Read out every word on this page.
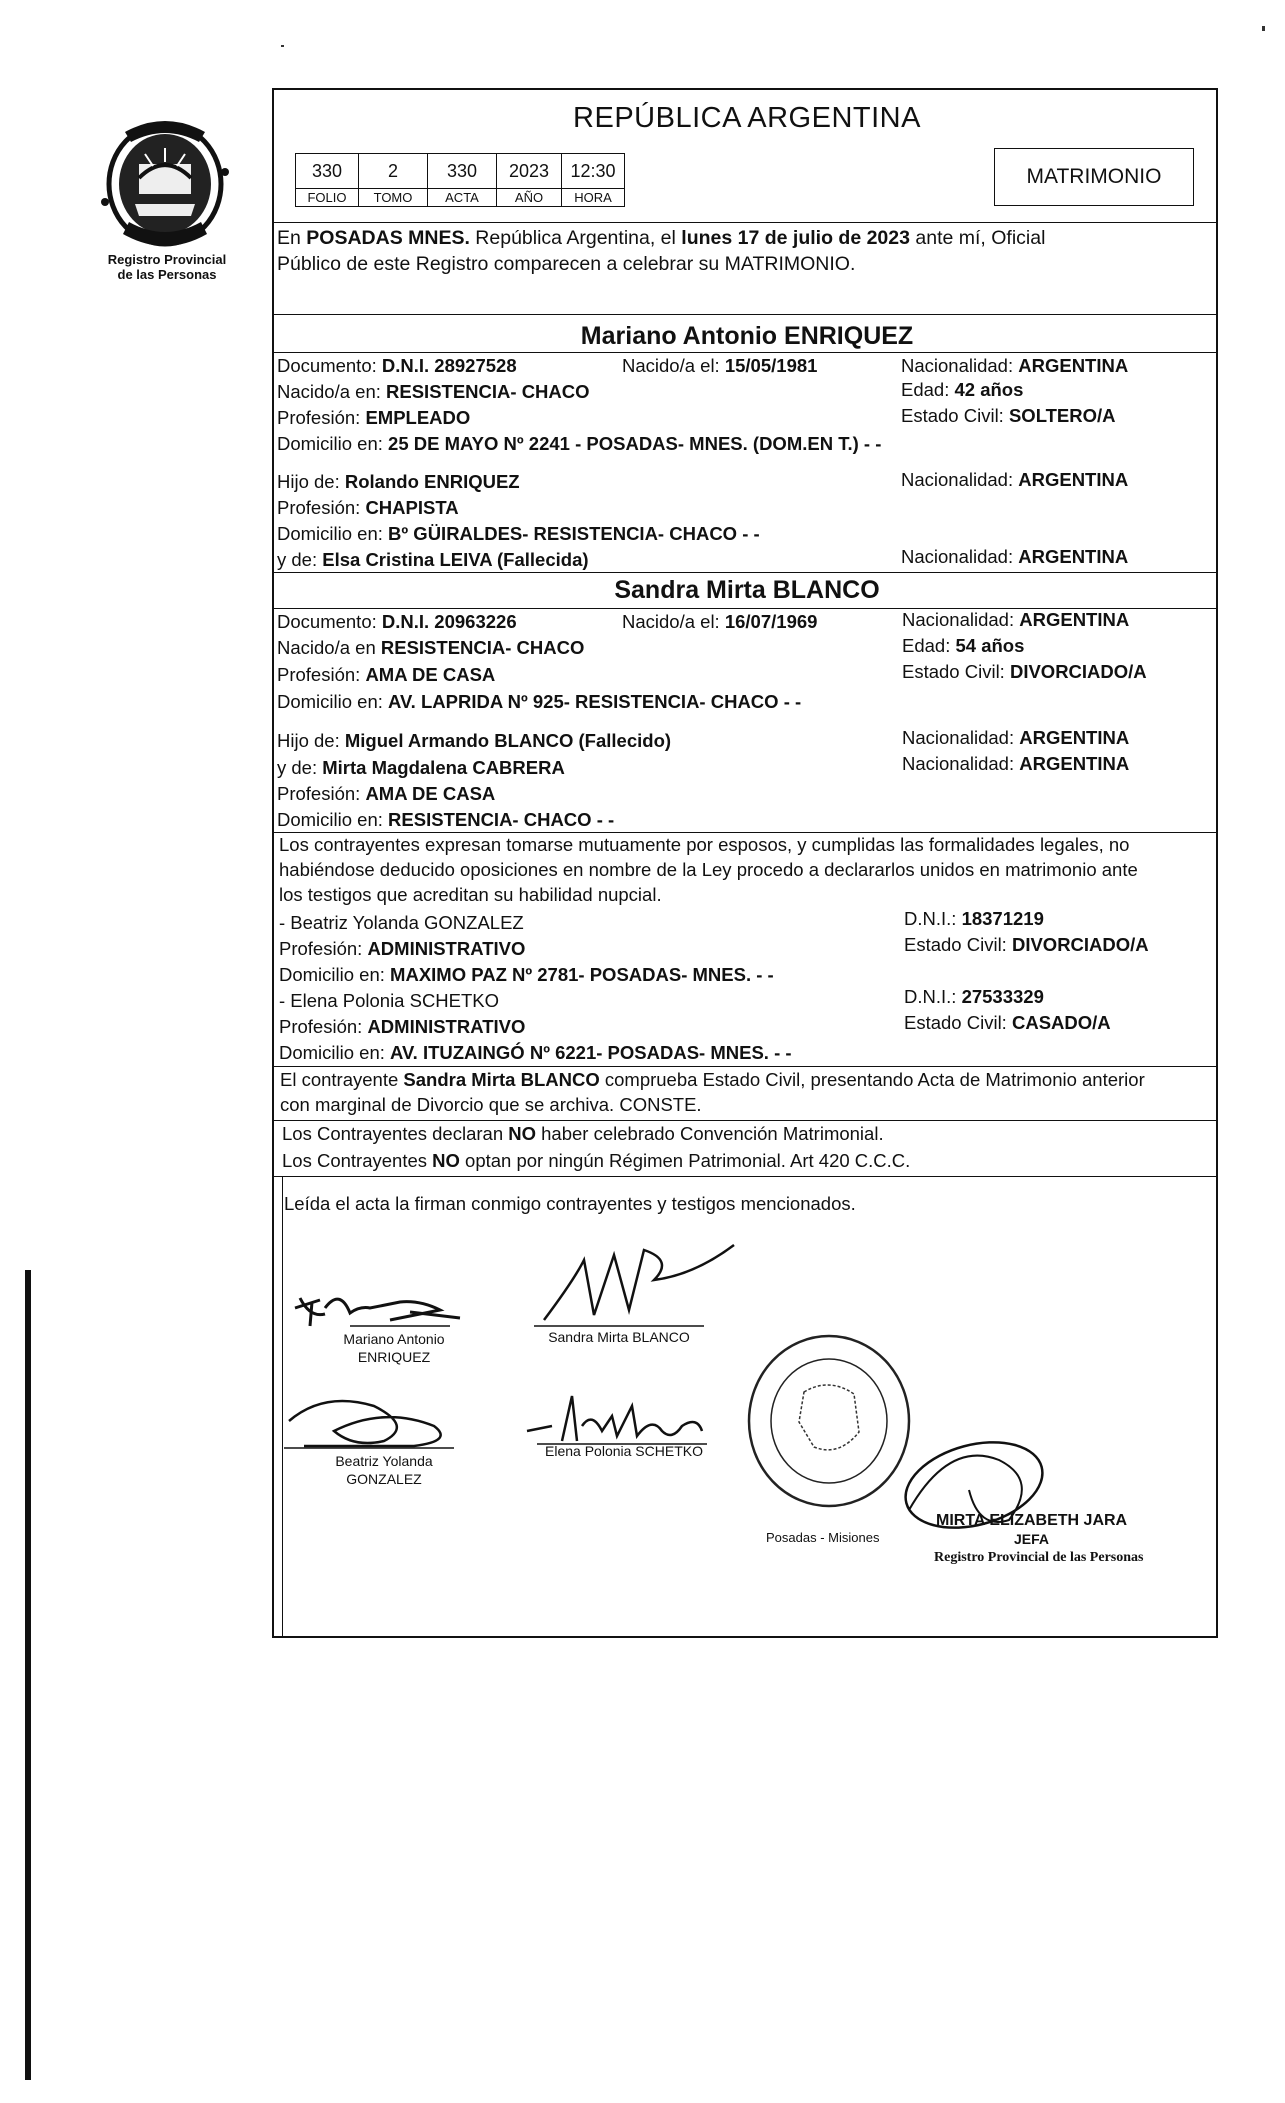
Registro Provincial
de las Personas
REPÚBLICA ARGENTINA
330	2	330	2023	12:30
FOLIO	TOMO	ACTA	AÑO	HORA
MATRIMONIO
En POSADAS MNES. República Argentina, el lunes 17 de julio de 2023 ante mí, Oficial
Público de este Registro comparecen a celebrar su MATRIMONIO.
Mariano Antonio ENRIQUEZ
Documento: D.N.I. 28927528	Nacido/a el: 15/05/1981	Nacionalidad: ARGENTINA
Nacido/a en: RESISTENCIA- CHACO	Edad: 42 años
Profesión: EMPLEADO	Estado Civil: SOLTERO/A
Domicilio en: 25 DE MAYO Nº 2241 - POSADAS- MNES. (DOM.EN T.) - -
Hijo de: Rolando ENRIQUEZ	Nacionalidad: ARGENTINA
Profesión: CHAPISTA
Domicilio en: Bº GÜIRALDES- RESISTENCIA- CHACO - -
y de: Elsa Cristina LEIVA (Fallecida)	Nacionalidad: ARGENTINA
Sandra Mirta BLANCO
Documento: D.N.I. 20963226	Nacido/a el: 16/07/1969	Nacionalidad: ARGENTINA
Nacido/a en RESISTENCIA- CHACO	Edad: 54 años
Profesión: AMA DE CASA	Estado Civil: DIVORCIADO/A
Domicilio en: AV. LAPRIDA Nº 925- RESISTENCIA- CHACO - -
Hijo de: Miguel Armando BLANCO (Fallecido)	Nacionalidad: ARGENTINA
y de: Mirta Magdalena CABRERA	Nacionalidad: ARGENTINA
Profesión: AMA DE CASA
Domicilio en: RESISTENCIA- CHACO - -
Los contrayentes expresan tomarse mutuamente por esposos, y cumplidas las formalidades legales, no
habiéndose deducido oposiciones en nombre de la Ley procedo a declararlos unidos en matrimonio ante
los testigos que acreditan su habilidad nupcial.
- Beatriz Yolanda GONZALEZ	D.N.I.: 18371219
Profesión: ADMINISTRATIVO	Estado Civil: DIVORCIADO/A
Domicilio en: MAXIMO PAZ Nº 2781- POSADAS- MNES. - -
- Elena Polonia SCHETKO	D.N.I.: 27533329
Profesión: ADMINISTRATIVO	Estado Civil: CASADO/A
Domicilio en: AV. ITUZAINGÓ Nº 6221- POSADAS- MNES. - -
El contrayente Sandra Mirta BLANCO comprueba Estado Civil, presentando Acta de Matrimonio anterior
con marginal de Divorcio que se archiva. CONSTE.
Los Contrayentes declaran NO haber celebrado Convención Matrimonial.
Los Contrayentes NO optan por ningún Régimen Patrimonial. Art 420 C.C.C.
Leída el acta la firman conmigo contrayentes y testigos mencionados.
Mariano Antonio
ENRIQUEZ
Sandra Mirta BLANCO
Beatriz Yolanda
GONZALEZ
Elena Polonia SCHETKO
Posadas - Misiones
MIRTA ELIZABETH JARA
JEFA
Registro Provincial de las Personas
